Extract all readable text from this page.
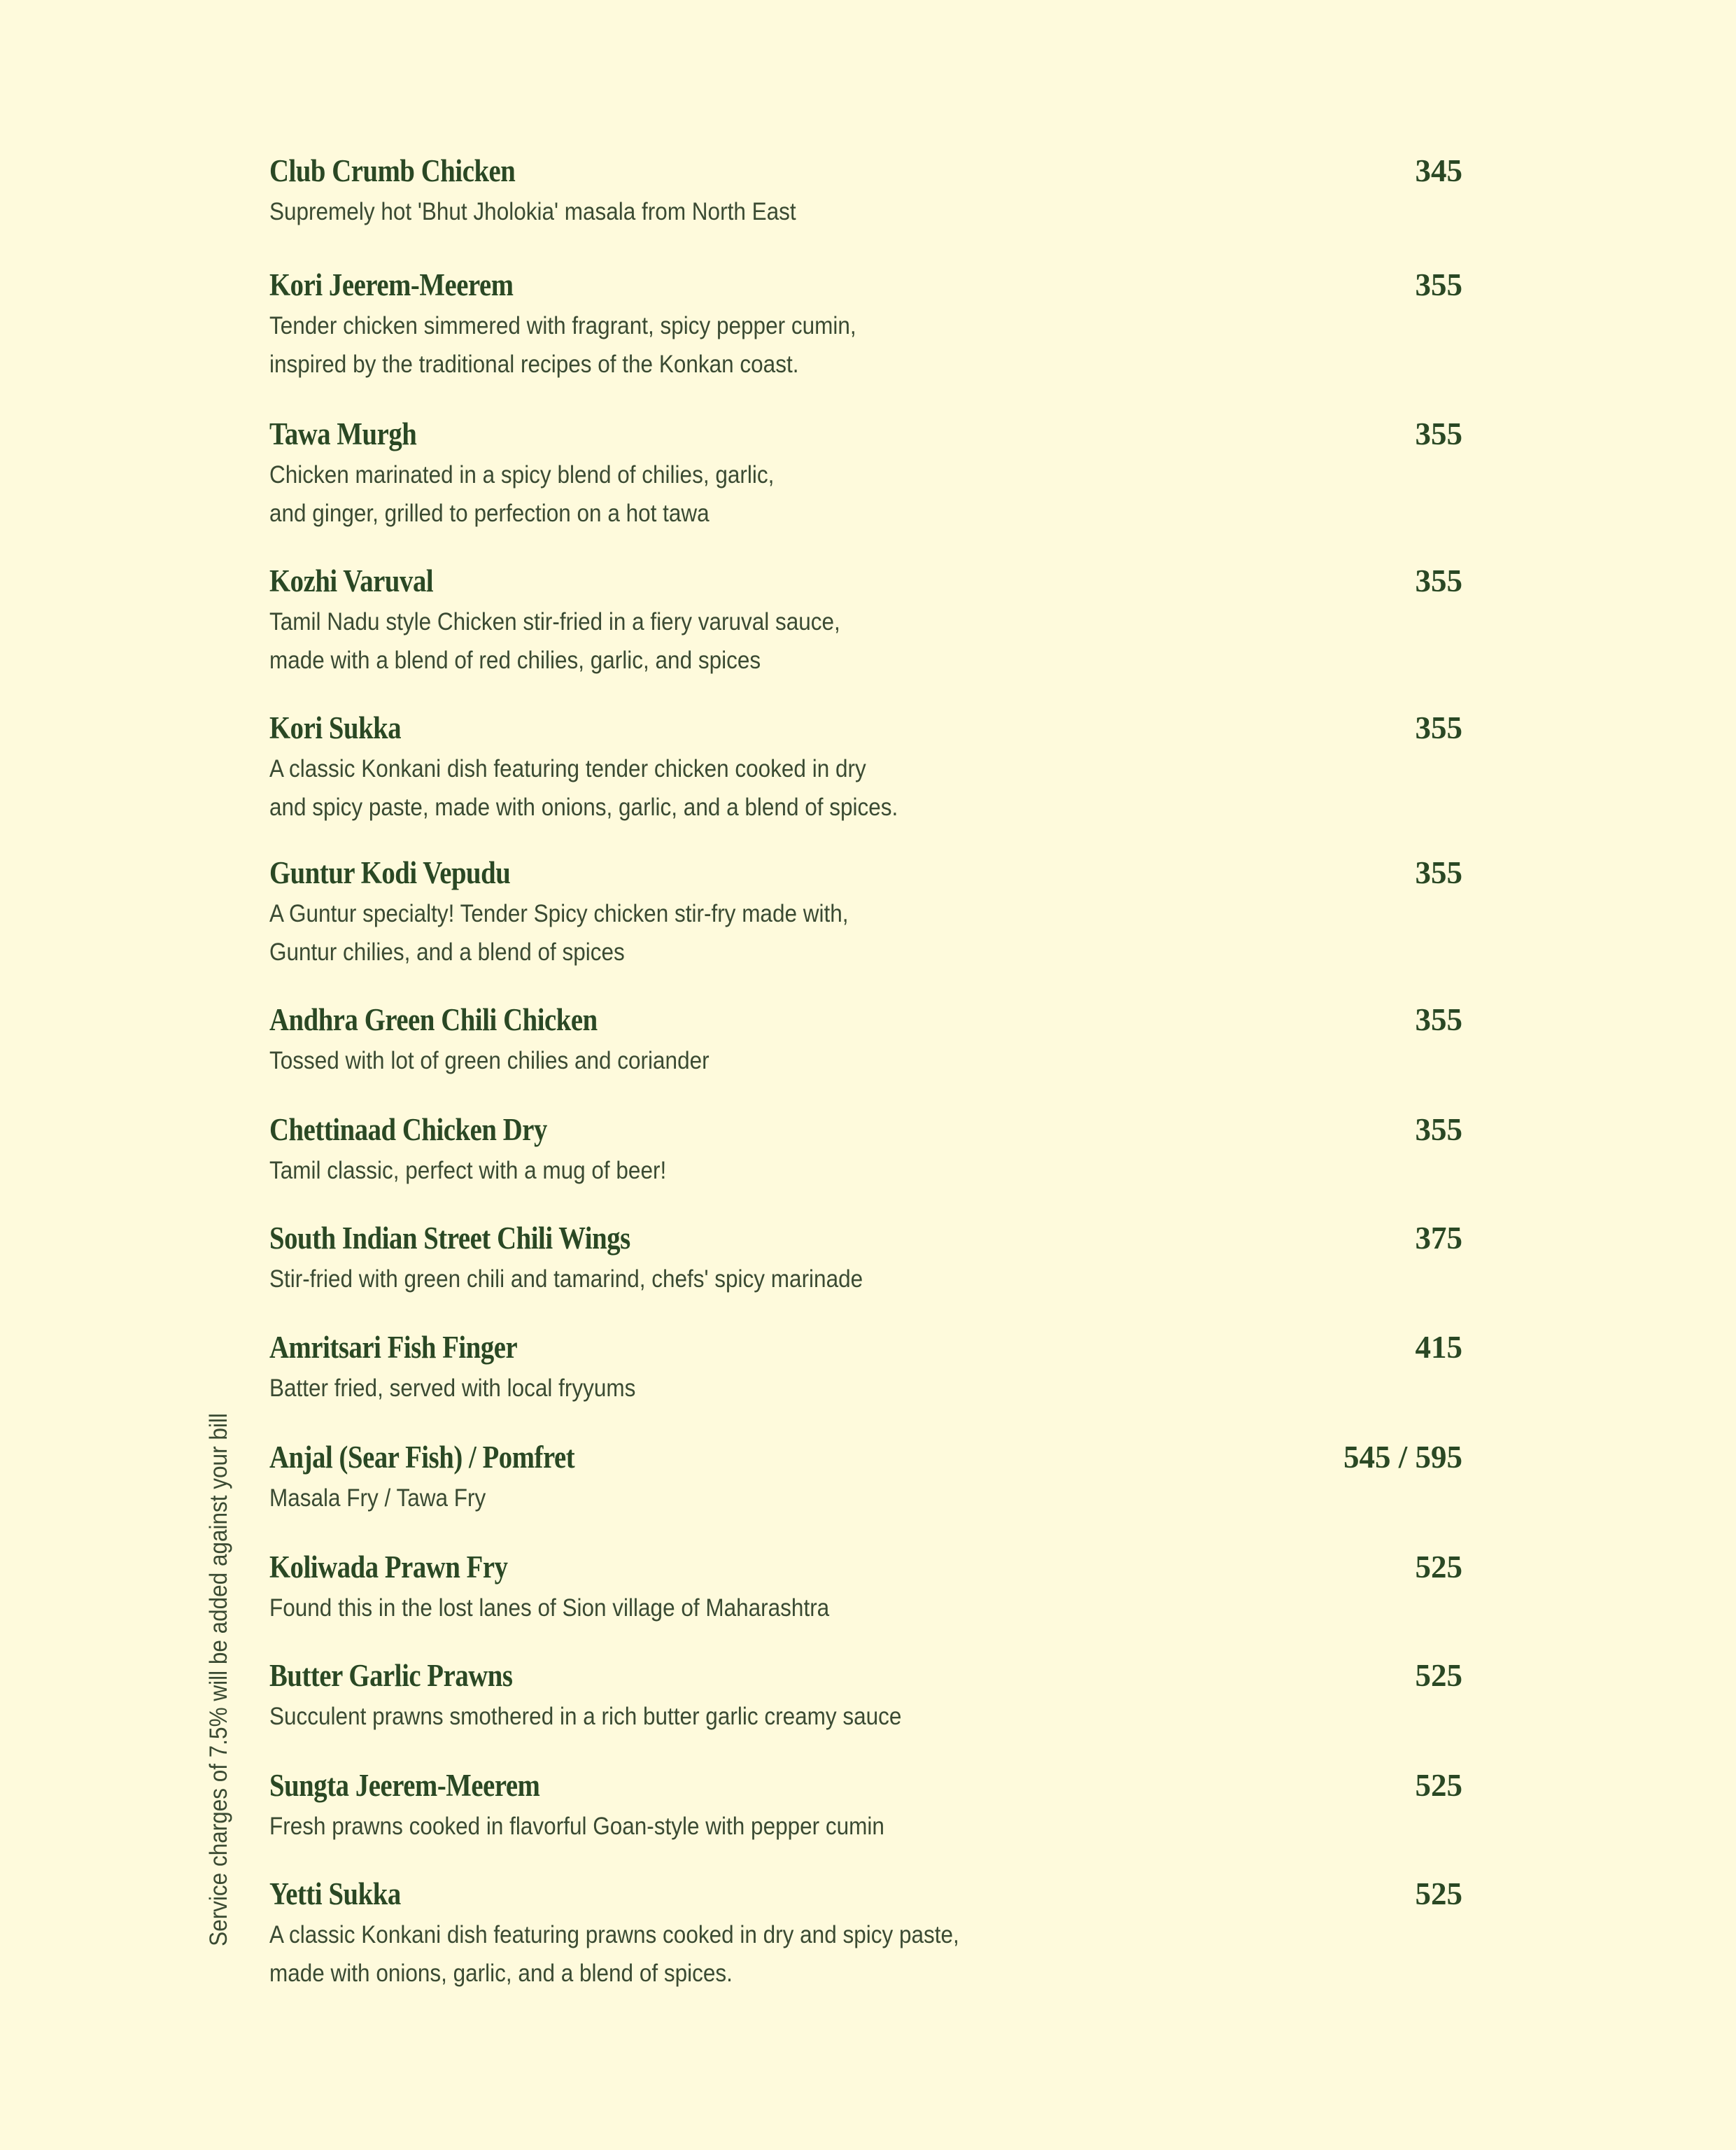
Service charges of 7.5% will be added against your bill
Club Crumb Chicken	345
Supremely hot 'Bhut Jholokia' masala from North East
Kori Jeerem-Meerem	355
Tender chicken simmered with fragrant, spicy pepper cumin,
inspired by the traditional recipes of the Konkan coast.
Tawa Murgh	355
Chicken marinated in a spicy blend of chilies, garlic,
and ginger, grilled to perfection on a hot tawa
Kozhi Varuval	355
Tamil Nadu style Chicken stir-fried in a fiery varuval sauce,
made with a blend of red chilies, garlic, and spices
Kori Sukka	355
A classic Konkani dish featuring tender chicken cooked in dry
and spicy paste, made with onions, garlic, and a blend of spices.
Guntur Kodi Vepudu	355
A Guntur specialty! Tender Spicy chicken stir-fry made with,
Guntur chilies, and a blend of spices
Andhra Green Chili Chicken	355
Tossed with lot of green chilies and coriander
Chettinaad Chicken Dry	355
Tamil classic, perfect with a mug of beer!
South Indian Street Chili Wings	375
Stir-fried with green chili and tamarind, chefs' spicy marinade
Amritsari Fish Finger	415
Batter fried, served with local fryyums
Anjal (Sear Fish) / Pomfret	545 / 595
Masala Fry / Tawa Fry
Koliwada Prawn Fry	525
Found this in the lost lanes of Sion village of Maharashtra
Butter Garlic Prawns	525
Succulent prawns smothered in a rich butter garlic creamy sauce
Sungta Jeerem-Meerem	525
Fresh prawns cooked in flavorful Goan-style with pepper cumin
Yetti Sukka	525
A classic Konkani dish featuring prawns cooked in dry and spicy paste,
made with onions, garlic, and a blend of spices.
